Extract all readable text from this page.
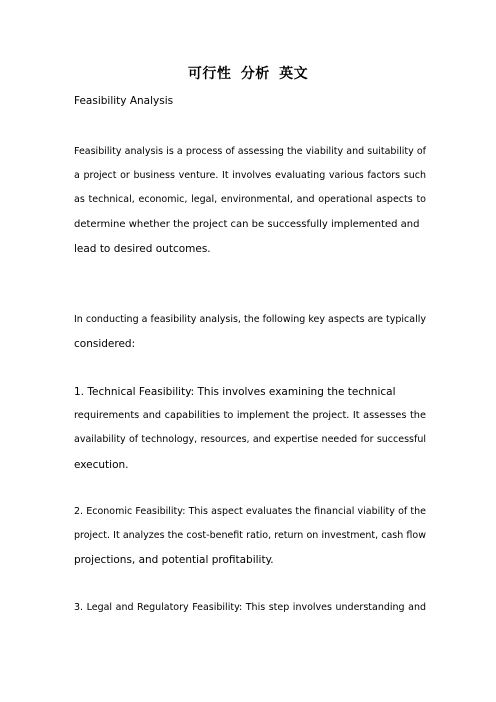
可行性 分析 英文

Feasibility Analysis

Feasibility analysis is a process of assessing the viability and suitability of
a project or business venture. It involves evaluating various factors such
as technical, economic, legal, environmental, and operational aspects to
determine whether the project can be successfully implemented and
lead to desired outcomes.
In conducting a feasibility analysis, the following key aspects are typically
considered:
1. Technical Feasibility: This involves examining the technical
requirements and capabilities to implement the project. It assesses the
availability of technology, resources, and expertise needed for successful
execution.
2. Economic Feasibility: This aspect evaluates the financial viability of the
project. It analyzes the cost-benefit ratio, return on investment, cash flow
projections, and potential profitability.
3. Legal and Regulatory Feasibility: This step involves understanding and
